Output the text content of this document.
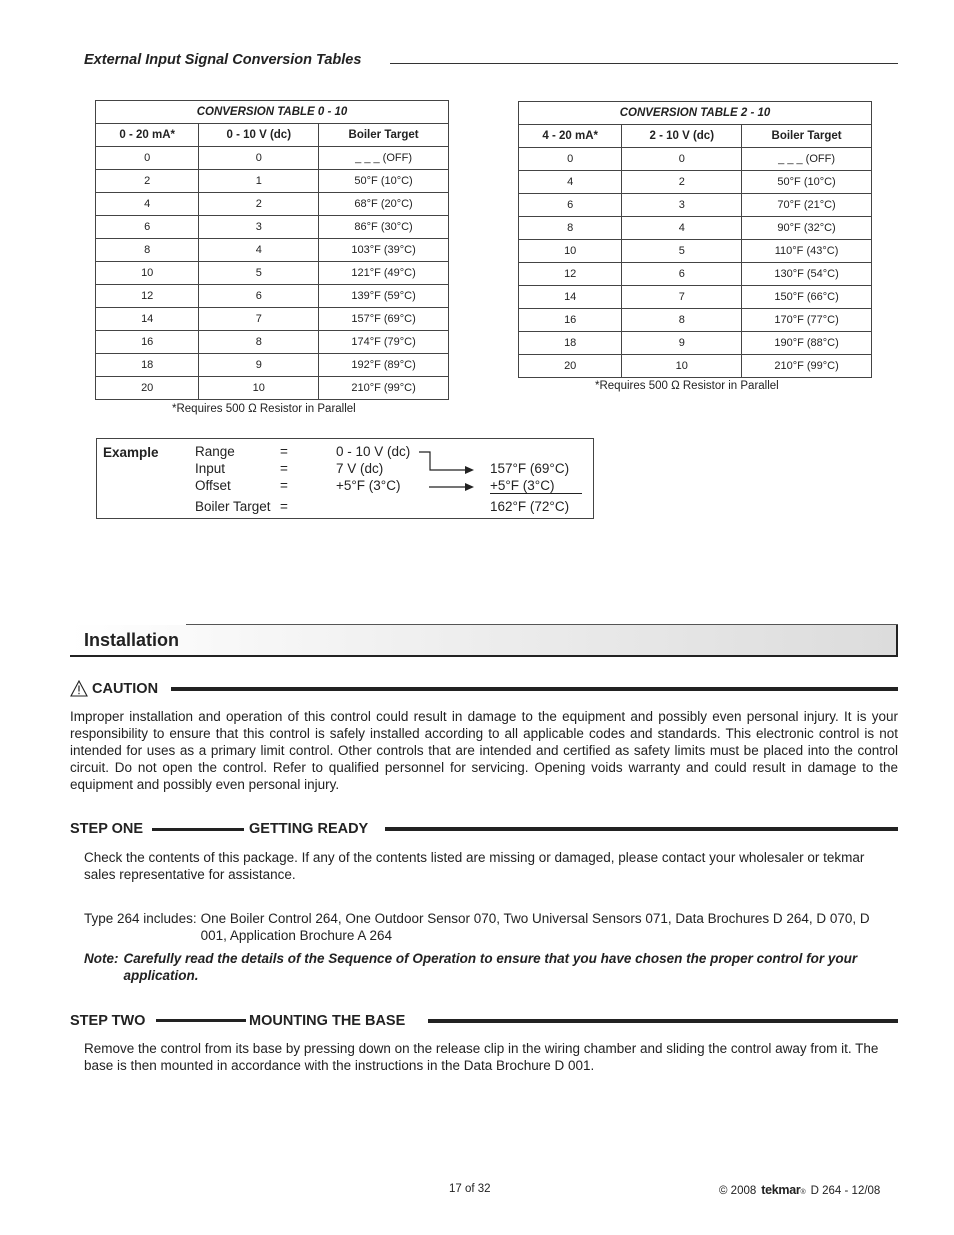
External Input Signal Conversion Tables
CONVERSION TABLE 0 - 10		
0 - 20 mA*	0 - 10 V (dc)	Boiler Target
0	0	_ _ _ (OFF)
2	1	50°F (10°C)
4	2	68°F (20°C)
6	3	86°F (30°C)
8	4	103°F (39°C)
10	5	121°F (49°C)
12	6	139°F (59°C)
14	7	157°F (69°C)
16	8	174°F (79°C)
18	9	192°F (89°C)
20	10	210°F (99°C)
*Requires 500 Ω Resistor in Parallel
CONVERSION TABLE 2 - 10		
4 - 20 mA*	2 - 10 V (dc)	Boiler Target
0	0	_ _ _ (OFF)
4	2	50°F (10°C)
6	3	70°F (21°C)
8	4	90°F (32°C)
10	5	110°F (43°C)
12	6	130°F (54°C)
14	7	150°F (66°C)
16	8	170°F (77°C)
18	9	190°F (88°C)
20	10	210°F (99°C)
*Requires 500 Ω Resistor in Parallel
Example	Range	=	0 - 10 V (dc)
Input	=	7 V (dc)	157°F (69°C)
Offset	=	+5°F (3°C)	+5°F (3°C)
Boiler Target =	162°F (72°C)
Installation
CAUTION
Improper installation and operation of this control could result in damage to the equipment and possibly even personal injury. It is your responsibility to ensure that this control is safely installed according to all applicable codes and standards. This electronic control is not intended for uses as a primary limit control. Other controls that are intended and certified as safety limits must be placed into the control circuit. Do not open the control. Refer to qualified personnel for servicing. Opening voids warranty and could result in damage to the equipment and possibly even personal injury.
STEP ONE	GETTING READY
Check the contents of this package. If any of the contents listed are missing or damaged, please contact your wholesaler or tekmar sales representative for assistance.
Type 264 includes: One Boiler Control 264, One Outdoor Sensor 070, Two Universal Sensors 071, Data Brochures D 264, D 070, D 001, Application Brochure A 264
Note: Carefully read the details of the Sequence of Operation to ensure that you have chosen the proper control for your application.
STEP TWO	MOUNTING THE BASE
Remove the control from its base by pressing down on the release clip in the wiring chamber and sliding the control away from it. The base is then mounted in accordance with the instructions in the Data Brochure D 001.
17 of 32	© 2008 tekmar$_®$ D 264 - 12/08
